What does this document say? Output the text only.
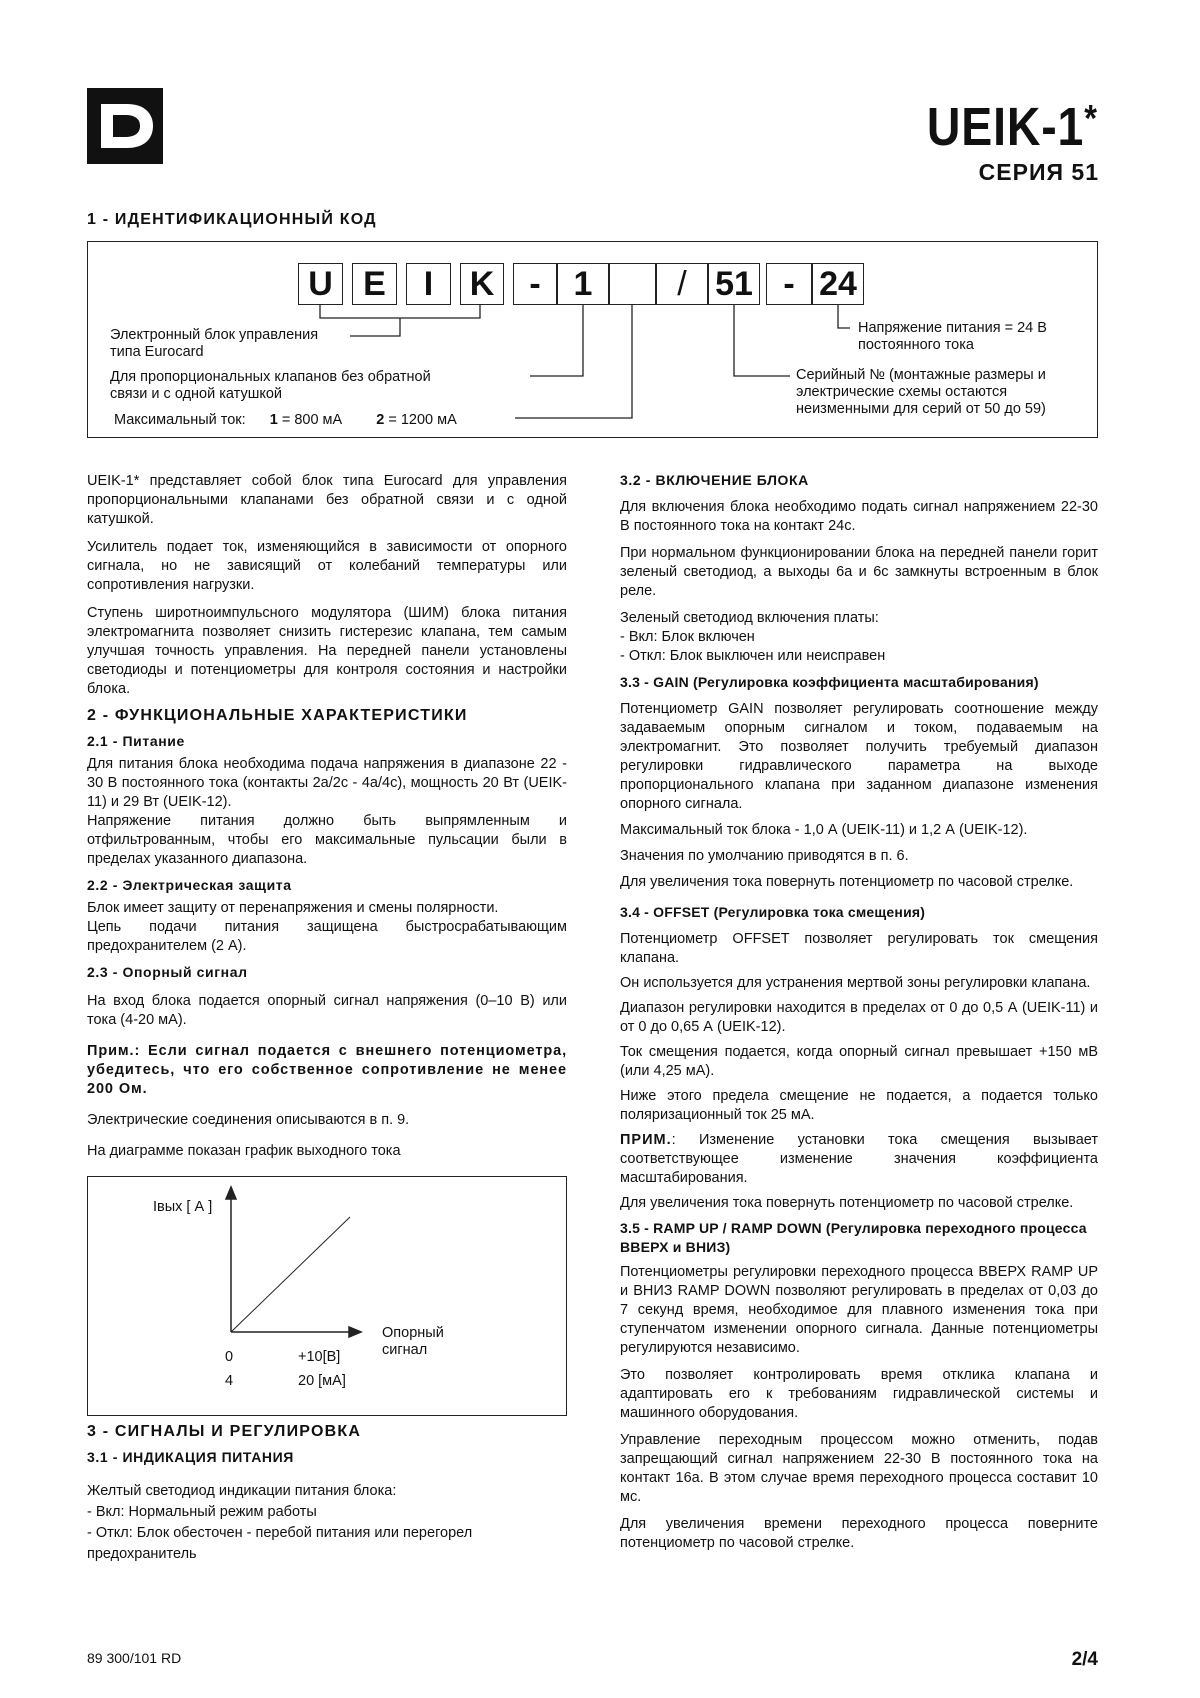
UEIK-1*
СЕРИЯ 51
1 - ИДЕНТИФИКАЦИОННЫЙ КОД
U E	I	K	- 1	/ 51 - 24
Электронный блок управления
типа Eurocard
Для пропорциональных клапанов без обратной
связи и с одной катушкой
Максимальный ток: 1 = 800 мА 2 = 1200 мА
Напряжение питания = 24 В
постоянного тока
Серийный № (монтажные размеры и
электрические схемы остаются
неизменными для серий от 50 до 59)
UEIK-1* представляет собой блок типа Eurocard для управления пропорциональными клапанами без обратной связи и с одной катушкой.
Усилитель подает ток, изменяющийся в зависимости от опорного сигнала, но не зависящий от колебаний температуры или сопротивления нагрузки.
Ступень широтноимпульсного модулятора (ШИМ) блока питания электромагнита позволяет снизить гистерезис клапана, тем самым улучшая точность управления. На передней панели установлены светодиоды и потенциометры для контроля состояния и настройки блока.
2 - ФУНКЦИОНАЛЬНЫЕ ХАРАКТЕРИСТИКИ
2.1 - Питание
Для питания блока необходима подача напряжения в диапазоне 22 - 30 В постоянного тока (контакты 2а/2с - 4а/4с), мощность 20 Вт (UEIK-11) и 29 Вт (UEIK-12).
Напряжение питания должно быть выпрямленным и отфильтрованным, чтобы его максимальные пульсации были в пределах указанного диапазона.
2.2 - Электрическая защита
Блок имеет защиту от перенапряжения и смены полярности.
Цепь подачи питания защищена быстросрабатывающим предохранителем (2 А).
2.3 - Опорный сигнал
На вход блока подается опорный сигнал напряжения (0–10 В) или тока (4-20 мА).
Прим.: Если сигнал подается с внешнего потенциометра, убедитесь, что его собственное сопротивление не менее 200 Ом.
Электрические соединения описываются в п. 9.
На диаграмме показан график выходного тока
Iвых [ А ]
Опорный
сигнал
0	+10[В]
4	20 [мА]
3 - СИГНАЛЫ И РЕГУЛИРОВКА
3.1 - ИНДИКАЦИЯ ПИТАНИЯ
Желтый светодиод индикации питания блока:
- Вкл: Нормальный режим работы
- Откл: Блок обесточен - перебой питания или перегорел
предохранитель
3.2 - ВКЛЮЧЕНИЕ БЛОКА
Для включения блока необходимо подать сигнал напряжением 22-30 В постоянного тока на контакт 24с.
При нормальном функционировании блока на передней панели горит зеленый светодиод, а выходы 6а и 6с замкнуты встроенным в блок реле.
Зеленый светодиод включения платы:
- Вкл: Блок включен
- Откл: Блок выключен или неисправен
3.3 - GAIN (Регулировка коэффициента масштабирования)
Потенциометр GAIN позволяет регулировать соотношение между задаваемым опорным сигналом и током, подаваемым на электромагнит. Это позволяет получить требуемый диапазон регулировки гидравлического параметра на выходе пропорционального клапана при заданном диапазоне изменения опорного сигнала.
Максимальный ток блока - 1,0 А (UEIK-11) и 1,2 А (UEIK-12).
Значения по умолчанию приводятся в п. 6.
Для увеличения тока повернуть потенциометр по часовой стрелке.
3.4 - OFFSET (Регулировка тока смещения)
Потенциометр OFFSET позволяет регулировать ток смещения клапана.
Он используется для устранения мертвой зоны регулировки клапана.
Диапазон регулировки находится в пределах от 0 до 0,5 А (UEIK-11) и от 0 до 0,65 А (UEIK-12).
Ток смещения подается, когда опорный сигнал превышает +150 мВ (или 4,25 мА).
Ниже этого предела смещение не подается, а подается только поляризационный ток 25 мА.
ПРИМ.: Изменение установки тока смещения вызывает соответствующее изменение значения коэффициента масштабирования.
Для увеличения тока повернуть потенциометр по часовой стрелке.
3.5 - RAMP UP / RAMP DOWN (Регулировка переходного процесса ВВЕРХ и ВНИЗ)
Потенциометры регулировки переходного процесса ВВЕРХ RAMP UP и ВНИЗ RAMP DOWN позволяют регулировать в пределах от 0,03 до 7 секунд время, необходимое для плавного изменения тока при ступенчатом изменении опорного сигнала. Данные потенциометры регулируются независимо.
Это позволяет контролировать время отклика клапана и адаптировать его к требованиям гидравлической системы и машинного оборудования.
Управление переходным процессом можно отменить, подав запрещающий сигнал напряжением 22-30 В постоянного тока на контакт 16а. В этом случае время переходного процесса составит 10 мс.
Для увеличения времени переходного процесса поверните потенциометр по часовой стрелке.
89 300/101 RD	2/4
